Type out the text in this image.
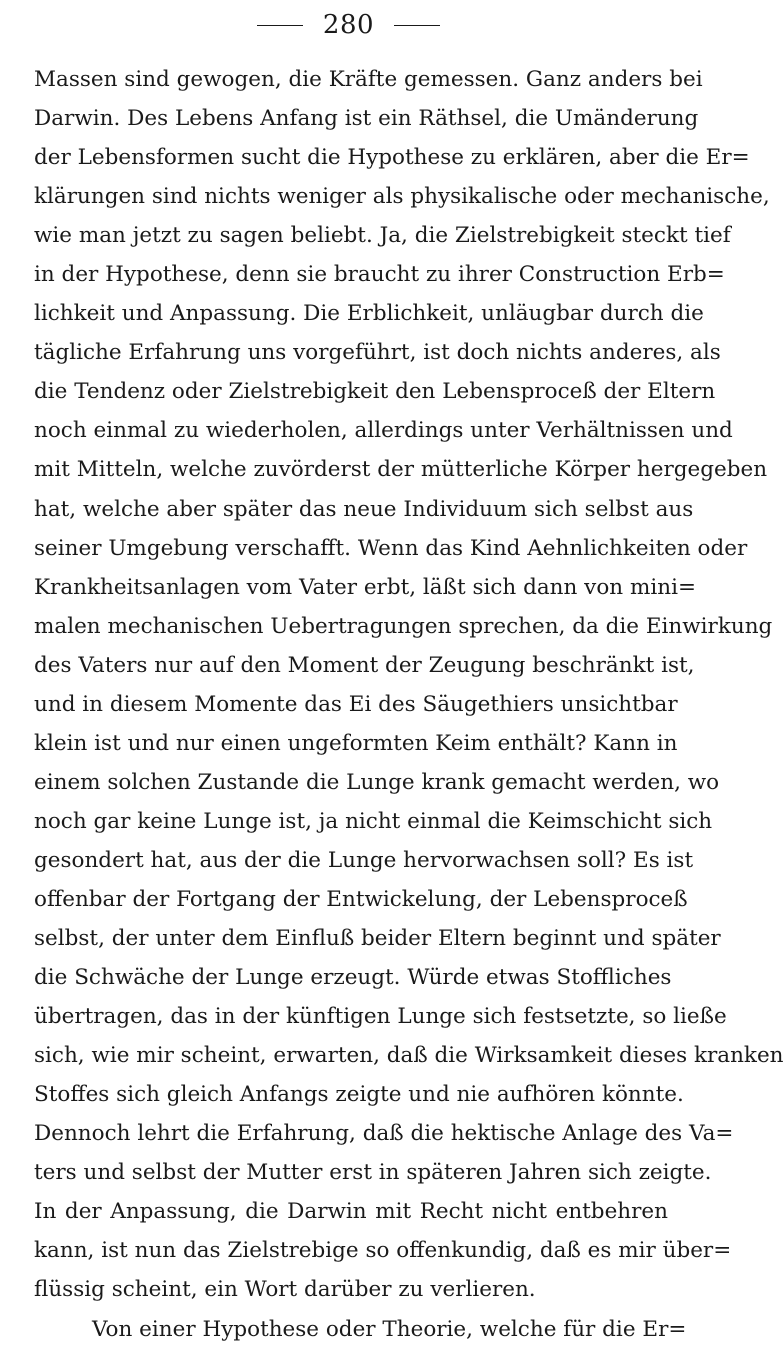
280
Massen sind gewogen, die Kräfte gemessen. Ganz anders bei
Darwin. Des Lebens Anfang ist ein Räthsel, die Umänderung
der Lebensformen sucht die Hypothese zu erklären, aber die Er=
klärungen sind nichts weniger als physikalische oder mechanische,
wie man jetzt zu sagen beliebt. Ja, die Zielstrebigkeit steckt tief
in der Hypothese, denn sie braucht zu ihrer Construction Erb=
lichkeit und Anpassung. Die Erblichkeit, unläugbar durch die
tägliche Erfahrung uns vorgeführt, ist doch nichts anderes, als
die Tendenz oder Zielstrebigkeit den Lebensproceß der Eltern
noch einmal zu wiederholen, allerdings unter Verhältnissen und
mit Mitteln, welche zuvörderst der mütterliche Körper hergegeben
hat, welche aber später das neue Individuum sich selbst aus
seiner Umgebung verschafft. Wenn das Kind Aehnlichkeiten oder
Krankheitsanlagen vom Vater erbt, läßt sich dann von mini=
malen mechanischen Uebertragungen sprechen, da die Einwirkung
des Vaters nur auf den Moment der Zeugung beschränkt ist,
und in diesem Momente das Ei des Säugethiers unsichtbar
klein ist und nur einen ungeformten Keim enthält? Kann in
einem solchen Zustande die Lunge krank gemacht werden, wo
noch gar keine Lunge ist, ja nicht einmal die Keimschicht sich
gesondert hat, aus der die Lunge hervorwachsen soll? Es ist
offenbar der Fortgang der Entwickelung, der Lebensproceß
selbst, der unter dem Einfluß beider Eltern beginnt und später
die Schwäche der Lunge erzeugt. Würde etwas Stoffliches
übertragen, das in der künftigen Lunge sich festsetzte, so ließe
sich, wie mir scheint, erwarten, daß die Wirksamkeit dieses kranken
Stoffes sich gleich Anfangs zeigte und nie aufhören könnte.
Dennoch lehrt die Erfahrung, daß die hektische Anlage des Va=
ters und selbst der Mutter erst in späteren Jahren sich zeigte.
In der Anpassung, die Darwin mit Recht nicht entbehren
kann, ist nun das Zielstrebige so offenkundig, daß es mir über=
flüssig scheint, ein Wort darüber zu verlieren.
Von einer Hypothese oder Theorie, welche für die Er=
